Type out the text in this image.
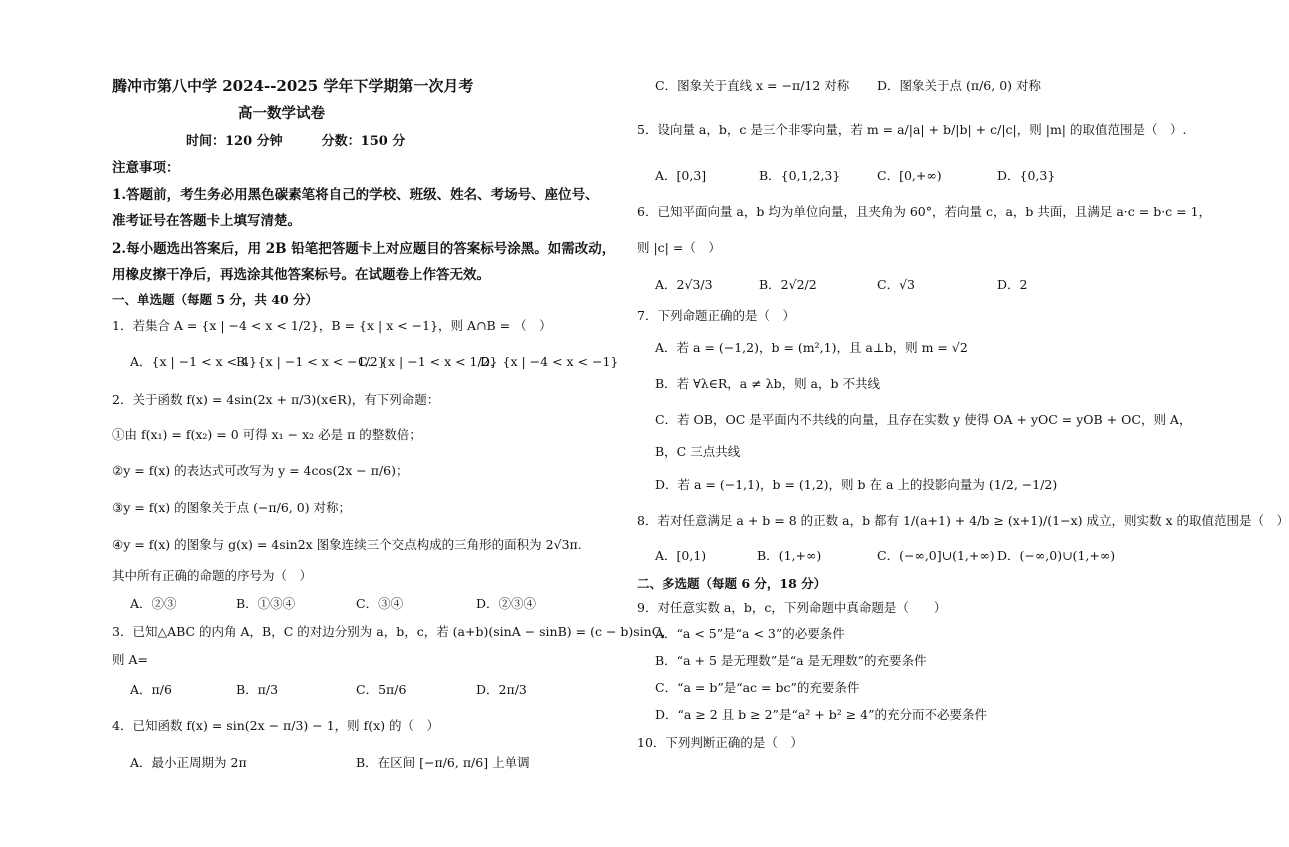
腾冲市第八中学 2024--2025 学年下学期第一次月考
高一数学试卷
时间：120 分钟　　　分数：150 分
注意事项：
1.答题前，考生务必用黑色碳素笔将自己的学校、班级、姓名、考场号、座位号、
准考证号在答题卡上填写清楚。
2.每小题选出答案后，用 2B 铅笔把答题卡上对应题目的答案标号涂黑。如需改动，
用橡皮擦干净后，再选涂其他答案标号。在试题卷上作答无效。
一、单选题（每题 5 分，共 40 分）
1．若集合 A = {x | −4 < x < 1/2}，B = {x | x < −1}，则 A∩B = （　）
A．{x | −1 < x < 4}
B．{x | −1 < x < −1/2}
C．{x | −1 < x < 1/2}
D．{x | −4 < x < −1}
2．关于函数 f(x) = 4sin(2x + π/3)(x∈R)，有下列命题：
①由 f(x₁) = f(x₂) = 0 可得 x₁ − x₂ 必是 π 的整数倍；
②y = f(x) 的表达式可改写为 y = 4cos(2x − π/6)；
③y = f(x) 的图象关于点 (−π/6, 0) 对称；
④y = f(x) 的图象与 g(x) = 4sin2x 图象连续三个交点构成的三角形的面积为 2√3π.
其中所有正确的命题的序号为（　）
A．②③	B．①③④	C．③④	D．②③④
3．已知△ABC 的内角 A，B，C 的对边分别为 a，b，c，若 (a+b)(sinA − sinB) = (c − b)sinC，
则 A=
A．π/6	B．π/3	C．5π/6	D．2π/3
4．已知函数 f(x) = sin(2x − π/3) − 1，则 f(x) 的（　）
A．最小正周期为 2π	B．在区间 [−π/6, π/6] 上单调
C．图象关于直线 x = −π/12 对称 D．图象关于点 (π/6, 0) 对称
5．设向量 a，b，c 是三个非零向量，若 m = a/|a| + b/|b| + c/|c|，则 |m| 的取值范围是（　）.
A．[0,3]	B．{0,1,2,3}	C．[0,+∞)	D．{0,3}
6．已知平面向量 a，b 均为单位向量，且夹角为 60°，若向量 c，a，b 共面，且满足 a·c = b·c = 1，
则 |c| =（　）
A．2√3/3	B．2√2/2	C．√3	D．2
7．下列命题正确的是（　）
A．若 a = (−1,2)，b = (m²,1)，且 a⊥b，则 m = √2
B．若 ∀λ∈R，a ≠ λb，则 a，b 不共线
C．若 OB，OC 是平面内不共线的向量，且存在实数 y 使得 OA + yOC = yOB + OC，则 A，
B，C 三点共线
D．若 a = (−1,1)，b = (1,2)，则 b 在 a 上的投影向量为 (1/2, −1/2)
8．若对任意满足 a + b = 8 的正数 a，b 都有 1/(a+1) + 4/b ≥ (x+1)/(1−x) 成立，则实数 x 的取值范围是（　）
A．[0,1)	B．(1,+∞)	C．(−∞,0]∪(1,+∞) D．(−∞,0)∪(1,+∞)
二、多选题（每题 6 分，18 分）
9．对任意实数 a，b，c，下列命题中真命题是（　　）
A．“a < 5”是“a < 3”的必要条件
B．“a + 5 是无理数”是“a 是无理数”的充要条件
C．“a = b”是“ac = bc”的充要条件
D．“a ≥ 2 且 b ≥ 2”是“a² + b² ≥ 4”的充分而不必要条件
10．下列判断正确的是（　）
